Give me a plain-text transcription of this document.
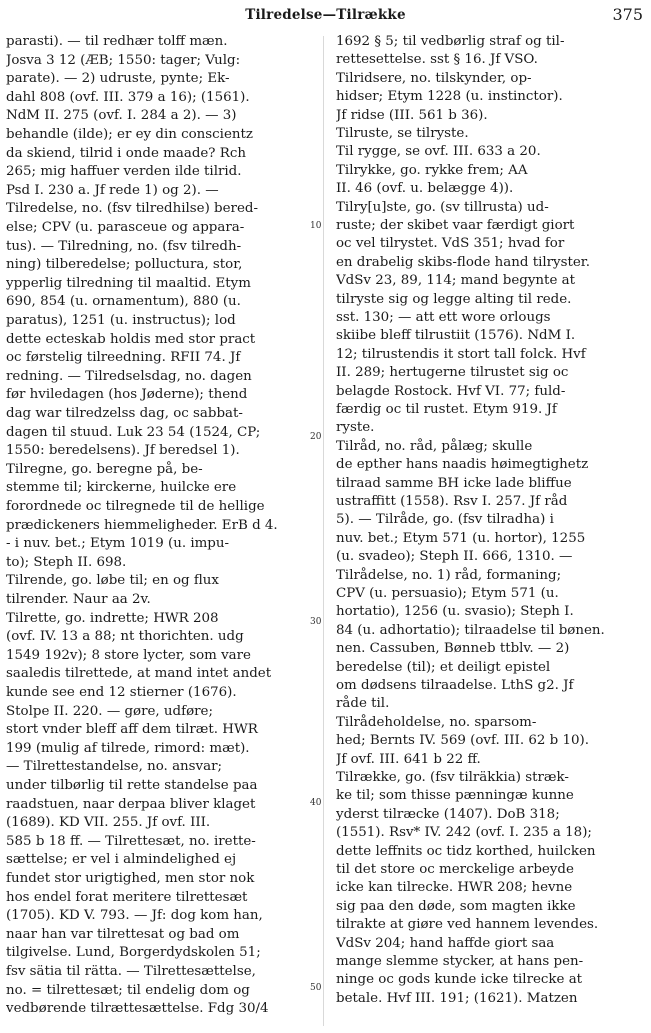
Tilredelse—Tilrække	375
parasti). — til redhær tolff mæn.
Josva 3 12 (ÆB; 1550: tager; Vulg:
parate). — 2) udruste, pynte; Ek-
dahl 808 (ovf. III. 379 a 16); (1561).
NdM II. 275 (ovf. I. 284 a 2). — 3)
behandle (ilde); er ey din conscientz
da skiend, tilrid i onde maade? Rch
265; mig haffuer verden ilde tilrid.
Psd I. 230 a. Jf rede 1) og 2). —
Tilredelse, no. (fsv tilredhilse) bered-
else; CPV (u. parasceue og appara-
tus). — Tilredning, no. (fsv tilredh-
ning) tilberedelse; polluctura, stor,
ypperlig tilredning til maaltid. Etym
690, 854 (u. ornamentum), 880 (u.
paratus), 1251 (u. instructus); lod
dette ecteskab holdis med stor pract
oc førstelig tilreedning. RFII 74. Jf
redning. — Tilredselsdag, no. dagen
før hviledagen (hos Jøderne); thend
dag war tilredzelss dag, oc sabbat-
dagen til stuud. Luk 23 54 (1524, CP;
1550: beredelsens). Jf beredsel 1).
Tilregne, go. beregne på, be-
stemme til; kirckerne, huilcke ere
forordnede oc tilregnede til de hellige
prædickeners hiemmeligheder. ErB d 4.
- i nuv. bet.; Etym 1019 (u. impu-
to); Steph II. 698.
Tilrende, go. løbe til; en og flux
tilrender. Naur aa 2v.
Tilrette, go. indrette; HWR 208
(ovf. IV. 13 a 88; nt thorichten. udg
1549 192v); 8 store lycter, som vare
saaledis tilrettede, at mand intet andet
kunde see end 12 stierner (1676).
Stolpe II. 220. — gøre, udføre;
stort vnder bleff aff dem tilræt. HWR
199 (mulig af tilrede, rimord: mæt).
— Tilrettestandelse, no. ansvar;
under tilbørlig til rette standelse paa
raadstuen, naar derpaa bliver klaget
(1689). KD VII. 255. Jf ovf. III.
585 b 18 ff. — Tilrettesæt, no. irette-
sættelse; er vel i almindelighed ej
fundet stor urigtighed, men stor nok
hos endel forat meritere tilrettesæt
(1705). KD V. 793. — Jf: dog kom han,
naar han var tilrettesat og bad om
tilgivelse. Lund, Borgerdydskolen 51;
fsv sätia til rätta. — Tilrettesættelse,
no. = tilrettesæt; til endelig dom og
vedbørende tilrættesættelse. Fdg 30/4
1692 § 5; til vedbørlig straf og til-
rettesettelse. sst § 16. Jf VSO.
Tilridsere, no. tilskynder, op-
hidser; Etym 1228 (u. instinctor).
Jf ridse (III. 561 b 36).
Tilruste, se tilryste.
Til rygge, se ovf. III. 633 a 20.
Tilrykke, go. rykke frem; AA
II. 46 (ovf. u. belægge 4)).
Tilry[u]ste, go. (sv tillrusta) ud-
ruste; der skibet vaar færdigt giort
oc vel tilrystet. VdS 351; hvad for
en drabelig skibs-flode hand tilryster.
VdSv 23, 89, 114; mand begynte at
tilryste sig og legge alting til rede.
sst. 130; — att ett wore orlougs
skiibe bleff tilrustiit (1576). NdM I.
12; tilrustendis it stort tall folck. Hvf
II. 289; hertugerne tilrustet sig oc
belagde Rostock. Hvf VI. 77; fuld-
færdig oc til rustet. Etym 919. Jf
ryste.
Tilråd, no. råd, pålæg; skulle
de epther hans naadis høimegtighetz
tilraad samme BH icke lade bliffue
ustraffitt (1558). Rsv I. 257. Jf råd
5). — Tilråde, go. (fsv tilradha) i
nuv. bet.; Etym 571 (u. hortor), 1255
(u. svadeo); Steph II. 666, 1310. —
Tilrådelse, no. 1) råd, formaning;
CPV (u. persuasio); Etym 571 (u.
hortatio), 1256 (u. svasio); Steph I.
84 (u. adhortatio); tilraadelse til bønen.
nen. Cassuben, Bønneb ttblv. — 2)
beredelse (til); et deiligt epistel
om dødsens tilraadelse. LthS g2. Jf
råde til.
Tilrådeholdelse, no. sparsom-
hed; Bernts IV. 569 (ovf. III. 62 b 10).
Jf ovf. III. 641 b 22 ff.
Tilrække, go. (fsv tilräkkia) stræk-
ke til; som thisse pænningæ kunne
yderst tilræcke (1407). DoB 318;
(1551). Rsv* IV. 242 (ovf. I. 235 a 18);
dette leffnits oc tidz korthed, huilcken
til det store oc merckelige arbeyde
icke kan tilrecke. HWR 208; hevne
sig paa den døde, som magten ikke
tilrakte at giøre ved hannem levendes.
VdSv 204; hand haffde giort saa
mange slemme stycker, at hans pen-
ninge oc gods kunde icke tilrecke at
betale. Hvf III. 191; (1621). Matzen
10
20
30
40
50
